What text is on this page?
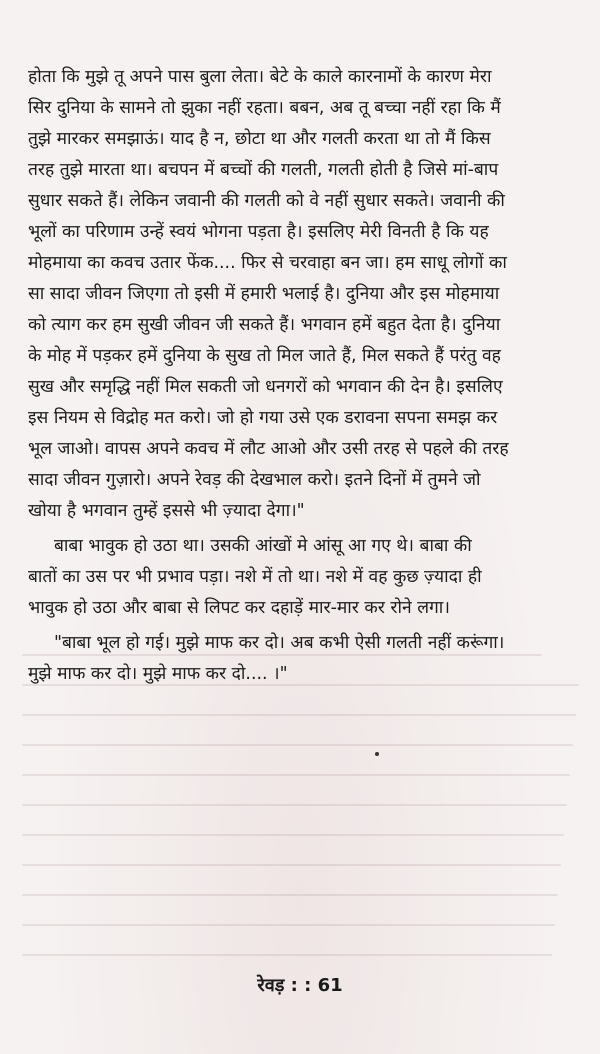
होता कि मुझे तू अपने पास बुला लेता। बेटे के काले कारनामों के कारण मेरा
सिर दुनिया के सामने तो झुका नहीं रहता। बबन, अब तू बच्चा नहीं रहा कि मैं
तुझे मारकर समझाऊं। याद है न, छोटा था और गलती करता था तो मैं किस
तरह तुझे मारता था। बचपन में बच्चों की गलती, गलती होती है जिसे मां-बाप
सुधार सकते हैं। लेकिन जवानी की गलती को वे नहीं सुधार सकते। जवानी की
भूलों का परिणाम उन्हें स्वयं भोगना पड़ता है। इसलिए मेरी विनती है कि यह
मोहमाया का कवच उतार फेंक.... फिर से चरवाहा बन जा। हम साधू लोगों का
सा सादा जीवन जिएगा तो इसी में हमारी भलाई है। दुनिया और इस मोहमाया
को त्याग कर हम सुखी जीवन जी सकते हैं। भगवान हमें बहुत देता है। दुनिया
के मोह में पड़कर हमें दुनिया के सुख तो मिल जाते हैं, मिल सकते हैं परंतु वह
सुख और समृद्धि नहीं मिल सकती जो धनगरों को भगवान की देन है। इसलिए
इस नियम से विद्रोह मत करो। जो हो गया उसे एक डरावना सपना समझ कर
भूल जाओ। वापस अपने कवच में लौट आओ और उसी तरह से पहले की तरह
सादा जीवन गुज़ारो। अपने रेवड़ की देखभाल करो। इतने दिनों में तुमने जो
खोया है भगवान तुम्हें इससे भी ज़्यादा देगा।"
बाबा भावुक हो उठा था। उसकी आंखों मे आंसू आ गए थे। बाबा की
बातों का उस पर भी प्रभाव पड़ा। नशे में तो था। नशे में वह कुछ ज़्यादा ही
भावुक हो उठा और बाबा से लिपट कर दहाड़ें मार-मार कर रोने लगा।
"बाबा भूल हो गई। मुझे माफ कर दो। अब कभी ऐसी गलती नहीं करूंगा।
मुझे माफ कर दो। मुझे माफ कर दो.... ।"
रेवड़ : : 61
